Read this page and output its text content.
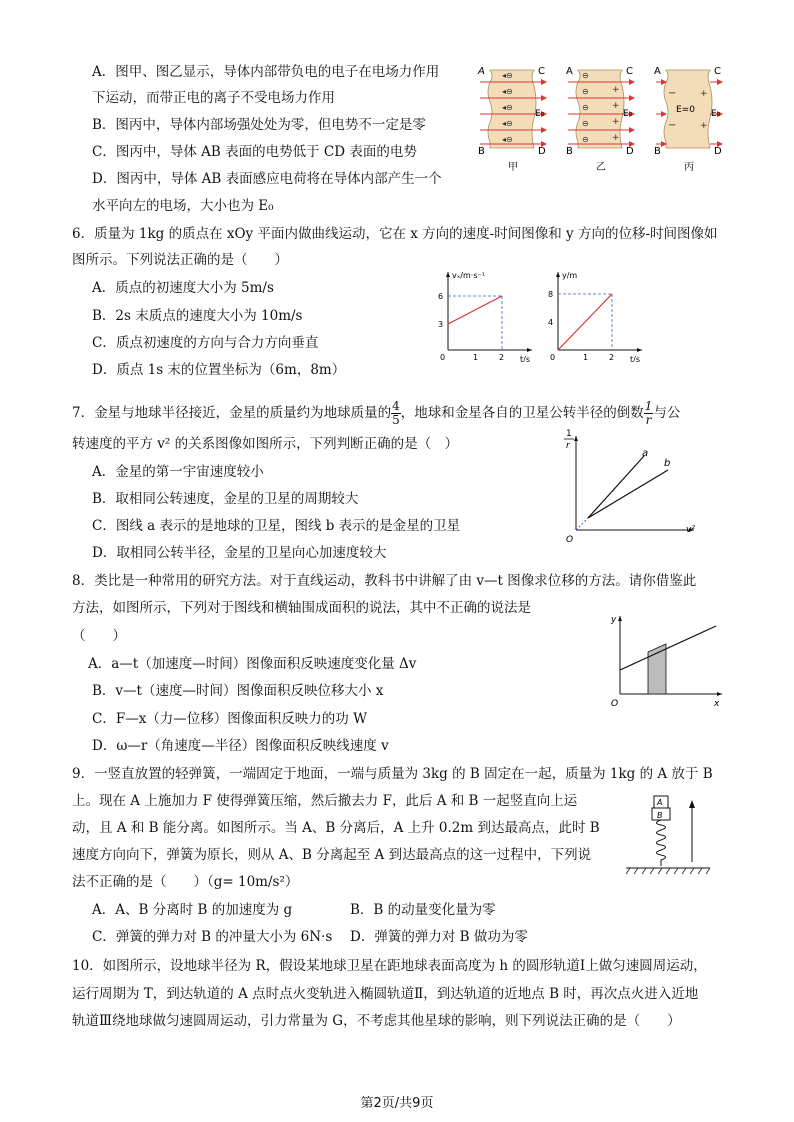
A．图甲、图乙显示，导体内部带负电的电子在电场力作用
下运动，而带正电的离子不受电场力作用
B．图丙中，导体内部场强处处为零，但电势不一定是零
C．图丙中，导体 AB 表面的电势低于 CD 表面的电势
D．图丙中，导体 AB 表面感应电荷将在导体内部产生一个
水平向左的电场，大小也为 E₀
◂⊖
◂⊖
◂⊖
◂⊖
◂⊖
A	C
B	D
E₀
甲
⊖
⊖
⊖
⊖
⊖
+
+
+
+
A	C
B	D
E₀
乙
−
−
+
+
E=0
A	C
B	D
E₀
丙
6．质量为 1kg 的质点在 xOy 平面内做曲线运动，它在 x 方向的速度-时间图像和 y 方向的位移-时间图像如
图所示。下列说法正确的是（　　）
A．质点的初速度大小为 5m/s
B．2s 末质点的速度大小为 10m/s
C．质点初速度的方向与合力方向垂直
D．质点 1s 末的位置坐标为（6m，8m）
vₓ/m·s⁻¹
t/s
6
3
0	1	2
y/m
t/s
8
4
0	1	2
7．金星与地球半径接近，金星的质量约为地球质量的 $\frac{4}{5}$ ，地球和金星各自的卫星公转半径的倒数 $\frac{1}{r}$ 与公
转速度的平方 v² 的关系图像如图所示，下列判断正确的是（　）
A．金星的第一宇宙速度较小
B．取相同公转速度，金星的卫星的周期较大
C．图线 a 表示的是地球的卫星，图线 b 表示的是金星的卫星
D．取相同公转半径，金星的卫星向心加速度较大
1
r
v²
O
a
b
8．类比是一种常用的研究方法。对于直线运动，教科书中讲解了由 v—t 图像求位移的方法。请你借鉴此
方法，如图所示，下列对于图线和横轴围成面积的说法，其中不正确的说法是
（　　）
A．a—t（加速度—时间）图像面积反映速度变化量 Δv
B．v—t（速度—时间）图像面积反映位移大小 x
C．F—x（力—位移）图像面积反映力的功 W
D．ω—r（角速度—半径）图像面积反映线速度 v
y
x
O
9．一竖直放置的轻弹簧，一端固定于地面，一端与质量为 3kg 的 B 固定在一起，质量为 1kg 的 A 放于 B
上。现在 A 上施加力 F 使得弹簧压缩，然后撤去力 F，此后 A 和 B 一起竖直向上运
动，且 A 和 B 能分离。如图所示。当 A、B 分离后，A 上升 0.2m 到达最高点，此时 B
速度方向向下，弹簧为原长，则从 A、B 分离起至 A 到达最高点的这一过程中，下列说
法不正确的是（　　）（g= 10m/s²）
A．A、B 分离时 B 的加速度为 g	B．B 的动量变化量为零
C．弹簧的弹力对 B 的冲量大小为 6N·s D．弹簧的弹力对 B 做功为零
A
B
10．如图所示，设地球半径为 R，假设某地球卫星在距地球表面高度为 h 的圆形轨道Ⅰ上做匀速圆周运动，
运行周期为 T，到达轨道的 A 点时点火变轨进入椭圆轨道Ⅱ，到达轨道的近地点 B 时，再次点火进入近地
轨道Ⅲ绕地球做匀速圆周运动，引力常量为 G，不考虑其他星球的影响，则下列说法正确的是（　　）
第2页/共9页
